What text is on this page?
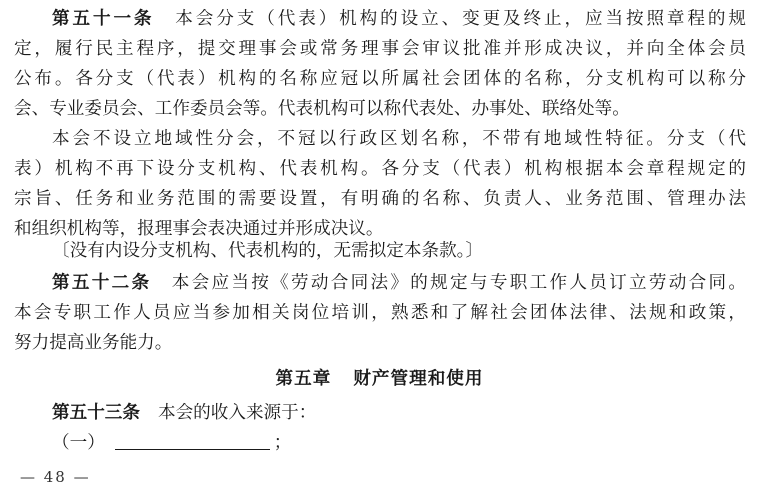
第五十一条 本会分支（代表）机构的设立、变更及终止，应当按照章程的规
定，履行民主程序，提交理事会或常务理事会审议批准并形成决议，并向全体会员
公布。各分支（代表）机构的名称应冠以所属社会团体的名称，分支机构可以称分
会、专业委员会、工作委员会等。代表机构可以称代表处、办事处、联络处等。
本会不设立地域性分会，不冠以行政区划名称，不带有地域性特征。分支（代
表）机构不再下设分支机构、代表机构。各分支（代表）机构根据本会章程规定的
宗旨、任务和业务范围的需要设置，有明确的名称、负责人、业务范围、管理办法
和组织机构等，报理事会表决通过并形成决议。
〔没有内设分支机构、代表机构的，无需拟定本条款。〕
第五十二条 本会应当按《劳动合同法》的规定与专职工作人员订立劳动合同。
本会专职工作人员应当参加相关岗位培训，熟悉和了解社会团体法律、法规和政策，
努力提高业务能力。
第五章 财产管理和使用
第五十三条 本会的收入来源于：
（一）	；
— 48 —
